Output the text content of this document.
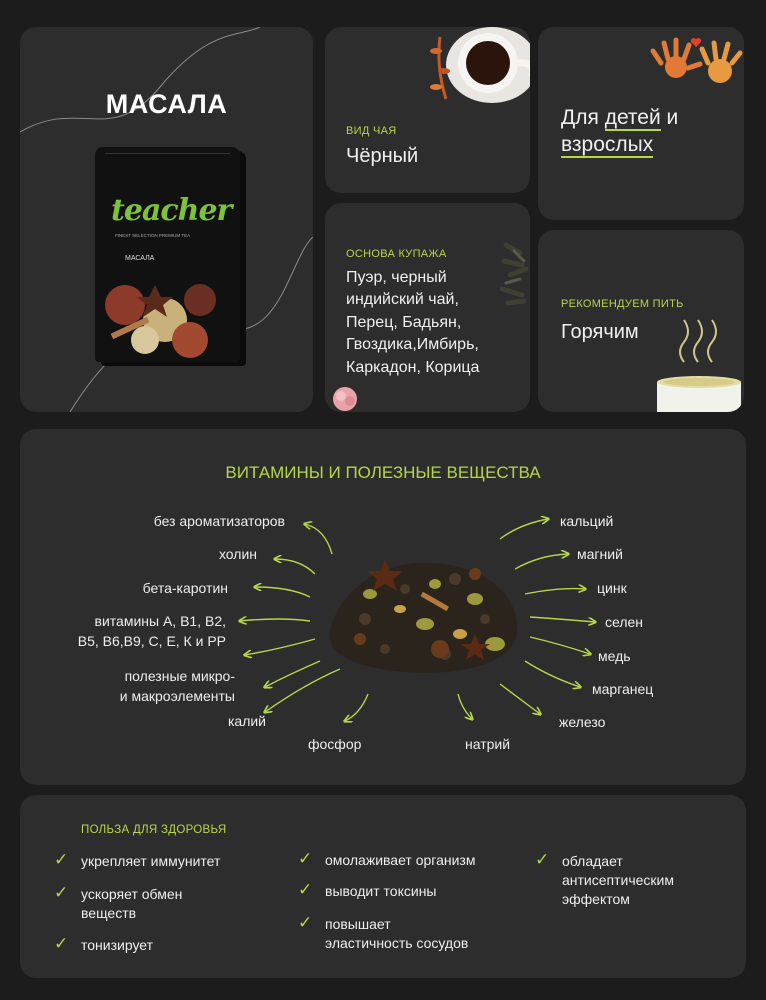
МАСАЛА
teacher
FINEST SELECTION PREMIUM TEA
МАСАЛА
ВИД ЧАЯ
Чёрный
Для детей и
взрослых
ОСНОВА КУПАЖА
Пуэр, черный
индийский чай,
Перец, Бадьян,
Гвоздика,Имбирь,
Каркадон, Корица
РЕКОМЕНДУЕМ ПИТЬ
Горячим
ВИТАМИНЫ И ПОЛЕЗНЫЕ ВЕЩЕСТВА
без ароматизаторов
холин
бета-каротин
витамины А, В1, В2,
В5, В6,В9, С, Е, К и РР
полезные микро-
и макроэлементы
калий
фосфор	натрий
кальций
магний
цинк
селен
медь
марганец
железо
ПОЛЬЗА ДЛЯ ЗДОРОВЬЯ
✓ укрепляет иммунитет
✓ ускоряет обмен
веществ
✓ тонизирует
✓ омолаживает организм
✓ выводит токсины
✓ повышает
эластичность сосудов
✓ обладает
антисептическим
эффектом
